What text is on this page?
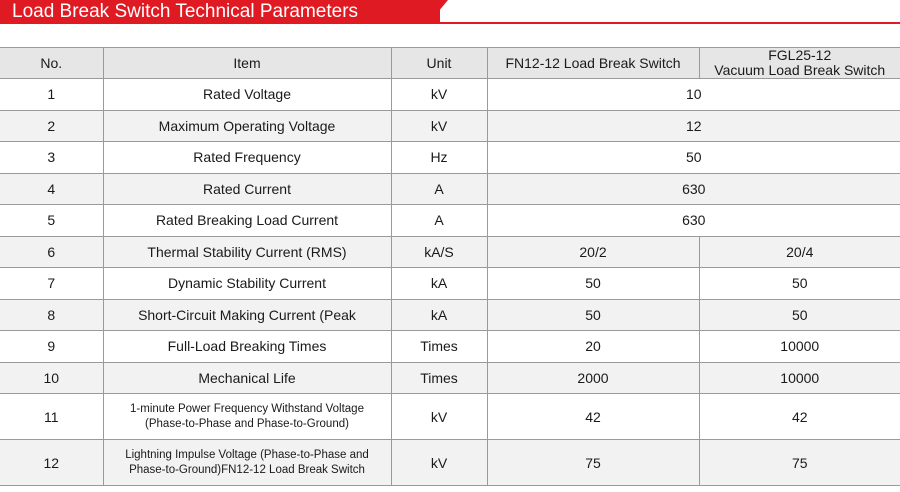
Load Break Switch Technical Parameters
No.	Item	Unit	FN12-12 Load Break Switch	FGL25-12
Vacuum Load Break Switch
1	Rated Voltage	kV	10	
2	Maximum Operating Voltage	kV	12	
3	Rated Frequency	Hz	50	
4	Rated Current	A	630	
5	Rated Breaking Load Current	A	630	
6	Thermal Stability Current (RMS)	kA/S	20/2	20/4
7	Dynamic Stability Current	kA	50	50
8	Short-Circuit Making Current (Peak	kA	50	50
9	Full-Load Breaking Times	Times	20	10000
10	Mechanical Life	Times	2000	10000
11	1-minute Power Frequency Withstand Voltage
(Phase-to-Phase and Phase-to-Ground)	kV	42	42
12	Lightning Impulse Voltage (Phase-to-Phase and
Phase-to-Ground)FN12-12 Load Break Switch	kV	75	75
